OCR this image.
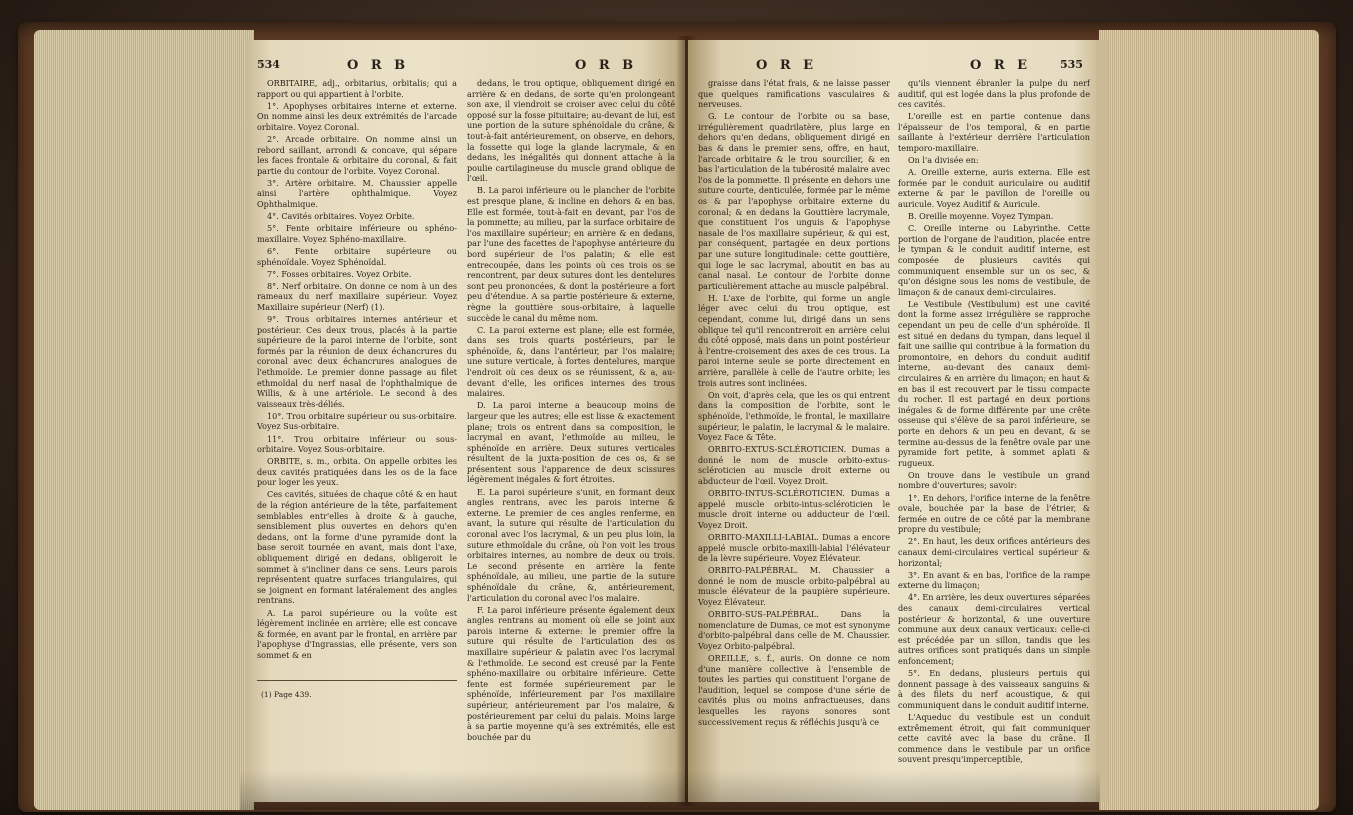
534	O R B	O R B

ORBITAIRE, adj., orbitarius, orbitalis; qui a rapport ou qui appartient à l'orbite.

1°. Apophyses orbitaires interne et externe. On nomme ainsi les deux extrémités de l'arcade orbitaire. Voyez Coronal.

2°. Arcade orbitaire. On nomme ainsi un rebord saillant, arrondi & concave, qui sépare les faces frontale & orbitaire du coronal, & fait partie du contour de l'orbite. Voyez Coronal.

3°. Artère orbitaire. M. Chaussier appelle ainsi l'artère ophthalmique. Voyez Ophthalmique.

4°. Cavités orbitaires. Voyez Orbite.

5°. Fente orbitaire inférieure ou sphéno-maxillaire. Voyez Sphéno-maxillaire.

6°. Fente orbitaire supérieure ou sphénoïdale. Voyez Sphénoïdal.

7°. Fosses orbitaires. Voyez Orbite.

8°. Nerf orbitaire. On donne ce nom à un des rameaux du nerf maxillaire supérieur. Voyez Maxillaire supérieur (Nerf) (1).

9°. Trous orbitaires internes antérieur et postérieur. Ces deux trous, placés à la partie supérieure de la paroi interne de l'orbite, sont formés par la réunion de deux échancrures du coronal avec deux échancrures analogues de l'ethmoïde. Le premier donne passage au filet ethmoïdal du nerf nasal de l'ophthalmique de Willis, & à une artériole. Le second à des vaisseaux très-déliés.

10°. Trou orbitaire supérieur ou sus-orbitaire. Voyez Sus-orbitaire.

11°. Trou orbitaire inférieur ou sous-orbitaire. Voyez Sous-orbitaire.

ORBITE, s. m., orbita. On appelle orbites les deux cavités pratiquées dans les os de la face pour loger les yeux.

Ces cavités, situées de chaque côté & en haut de la région antérieure de la tête, parfaitement semblables entr'elles à droite & à gauche, sensiblement plus ouvertes en dehors qu'en dedans, ont la forme d'une pyramide dont la base seroit tournée en avant, mais dont l'axe, obliquement dirigé en dedans, obligeroit le sommet à s'incliner dans ce sens. Leurs parois représentent quatre surfaces triangulaires, qui se joignent en formant latéralement des angles rentrans.

A. La paroi supérieure ou la voûte est légèrement inclinée en arrière; elle est concave & formée, en avant par le frontal, en arrière par l'apophyse d'Ingrassias, elle présente, vers son sommet & en

(1) Page 439.

dedans, le trou optique, obliquement dirigé en arrière & en dedans, de sorte qu'en prolongeant son axe, il viendroit se croiser avec celui du côté opposé sur la fosse pituitaire; au-devant de lui, est une portion de la suture sphénoïdale du crâne, & tout-à-fait antérieurement, on observe, en dehors, la fossette qui loge la glande lacrymale, & en dedans, les inégalités qui donnent attache à la poulie cartilagineuse du muscle grand oblique de l'œil.

B. La paroi inférieure ou le plancher de l'orbite est presque plane, & incline en dehors & en bas. Elle est formée, tout-à-fait en devant, par l'os de la pommette; au milieu, par la surface orbitaire de l'os maxillaire supérieur; en arrière & en dedans, par l'une des facettes de l'apophyse antérieure du bord supérieur de l'os palatin; & elle est entrecoupée, dans les points où ces trois os se rencontrent, par deux sutures dont les dentelures sont peu prononcées, & dont la postérieure a fort peu d'étendue. A sa partie postérieure & externe, règne la gouttière sous-orbitaire, à laquelle succède le canal du même nom.

C. La paroi externe est plane; elle est formée, dans ses trois quarts postérieurs, par le sphénoïde, &, dans l'antérieur, par l'os malaire; une suture verticale, à fortes dentelures, marque l'endroit où ces deux os se réunissent, & a, au-devant d'elle, les orifices internes des trous malaires.

D. La paroi interne a beaucoup moins de largeur que les autres; elle est lisse & exactement plane; trois os entrent dans sa composition, le lacrymal en avant, l'ethmoïde au milieu, le sphénoïde en arrière. Deux sutures verticales résultent de la juxta-position de ces os, & se présentent sous l'apparence de deux scissures légèrement inégales & fort étroites.

E. La paroi supérieure s'unit, en formant deux angles rentrans, avec les parois interne & externe. Le premier de ces angles renferme, en avant, la suture qui résulte de l'articulation du coronal avec l'os lacrymal, & un peu plus loin, la suture ethmoïdale du crâne, où l'on voit les trous orbitaires internes, au nombre de deux ou trois. Le second présente en arrière la fente sphénoïdale, au milieu, une partie de la suture sphénoïdale du crâne, &, antérieurement, l'articulation du coronal avec l'os malaire.

F. La paroi inférieure présente également deux angles rentrans au moment où elle se joint aux parois interne & externe: le premier offre la suture qui résulte de l'articulation des os maxillaire supérieur & palatin avec l'os lacrymal & l'ethmoïde. Le second est creusé par la Fente sphéno-maxillaire ou orbitaire inférieure. Cette fente est formée supérieurement par le sphénoïde, inférieurement par l'os maxillaire supérieur, antérieurement par l'os malaire, & postérieurement par celui du palais. Moins large à sa partie moyenne qu'à ses extrémités, elle est bouchée par du

O R E	O R E	535

graisse dans l'état frais, & ne laisse passer que quelques ramifications vasculaires & nerveuses.

G. Le contour de l'orbite ou sa base, irrégulièrement quadrilatère, plus large en dehors qu'en dedans, obliquement dirigé en bas & dans le premier sens, offre, en haut, l'arcade orbitaire & le trou sourcilier, & en bas l'articulation de la tubérosité malaire avec l'os de la pommette. Il présente en dehors une suture courte, denticulée, formée par le même os & par l'apophyse orbitaire externe du coronal; & en dedans la Gouttière lacrymale, que constituent l'os unguis & l'apophyse nasale de l'os maxillaire supérieur, & qui est, par conséquent, partagée en deux portions par une suture longitudinale: cette gouttière, qui loge le sac lacrymal, aboutit en bas au canal nasal. Le contour de l'orbite donne particulièrement attache au muscle palpébral.

H. L'axe de l'orbite, qui forme un angle léger avec celui du trou optique, est cependant, comme lui, dirigé dans un sens oblique tel qu'il rencontreroit en arrière celui du côté opposé, mais dans un point postérieur à l'entre-croisement des axes de ces trous. La paroi interne seule se porte directement en arrière, parallèle à celle de l'autre orbite; les trois autres sont inclinées.

On voit, d'après cela, que les os qui entrent dans la composition de l'orbite, sont le sphénoïde, l'ethmoïde, le frontal, le maxillaire supérieur, le palatin, le lacrymal & le malaire. Voyez Face & Tête.

ORBITO-EXTUS-SCLÉROTICIEN. Dumas a donné le nom de muscle orbito-extus-scléroticien au muscle droit externe ou abducteur de l'œil. Voyez Droit.

ORBITO-INTUS-SCLÉROTICIEN. Dumas a appelé muscle orbito-intus-scléroticien le muscle droit interne ou adducteur de l'œil. Voyez Droit.

ORBITO-MAXILLI-LABIAL. Dumas a encore appelé muscle orbito-maxilli-labial l'élévateur de la lèvre supérieure. Voyez Élévateur.

ORBITO-PALPÉBRAL. M. Chaussier a donné le nom de muscle orbito-palpébral au muscle élévateur de la paupière supérieure. Voyez Élévateur.

ORBITO-SUS-PALPÉBRAL. Dans la nomenclature de Dumas, ce mot est synonyme d'orbito-palpébral dans celle de M. Chaussier. Voyez Orbito-palpébral.

OREILLE, s. f., auris. On donne ce nom d'une manière collective à l'ensemble de toutes les parties qui constituent l'organe de l'audition, lequel se compose d'une série de cavités plus ou moins anfractueuses, dans lesquelles les rayons sonores sont successivement reçus & réfléchis jusqu'à ce

qu'ils viennent ébranler la pulpe du nerf auditif, qui est logée dans la plus profonde de ces cavités.

L'oreille est en partie contenue dans l'épaisseur de l'os temporal, & en partie saillante à l'extérieur derrière l'articulation temporo-maxillaire.

On l'a divisée en:

A. Oreille externe, auris externa. Elle est formée par le conduit auriculaire ou auditif externe & par le pavillon de l'oreille ou auricule. Voyez Auditif & Auricule.

B. Oreille moyenne. Voyez Tympan.

C. Oreille interne ou Labyrinthe. Cette portion de l'organe de l'audition, placée entre le tympan & le conduit auditif interne, est composée de plusieurs cavités qui communiquent ensemble sur un os sec, & qu'on désigne sous les noms de vestibule, de limaçon & de canaux demi-circulaires.

Le Vestibule (Vestibulum) est une cavité dont la forme assez irrégulière se rapproche cependant un peu de celle d'un sphéroïde. Il est situé en dedans du tympan, dans lequel il fait une saillie qui contribue à la formation du promontoire, en dehors du conduit auditif interne, au-devant des canaux demi-circulaires & en arrière du limaçon; en haut & en bas il est recouvert par le tissu compacte du rocher. Il est partagé en deux portions inégales & de forme différente par une crête osseuse qui s'élève de sa paroi inférieure, se porte en dehors & un peu en devant, & se termine au-dessus de la fenêtre ovale par une pyramide fort petite, à sommet aplati & rugueux.

On trouve dans le vestibule un grand nombre d'ouvertures; savoir:

1°. En dehors, l'orifice interne de la fenêtre ovale, bouchée par la base de l'étrier, & fermée en outre de ce côté par la membrane propre du vestibule;

2°. En haut, les deux orifices antérieurs des canaux demi-circulaires vertical supérieur & horizontal;

3°. En avant & en bas, l'orifice de la rampe externe du limaçon;

4°. En arrière, les deux ouvertures séparées des canaux demi-circulaires vertical postérieur & horizontal, & une ouverture commune aux deux canaux verticaux: celle-ci est précédée par un sillon, tandis que les autres orifices sont pratiqués dans un simple enfoncement;

5°. En dedans, plusieurs pertuis qui donnent passage à des vaisseaux sanguins & à des filets du nerf acoustique, & qui communiquent dans le conduit auditif interne.

L'Aqueduc du vestibule est un conduit extrêmement étroit, qui fait communiquer cette cavité avec la base du crâne. Il commence dans le vestibule par un orifice souvent presqu'imperceptible,
